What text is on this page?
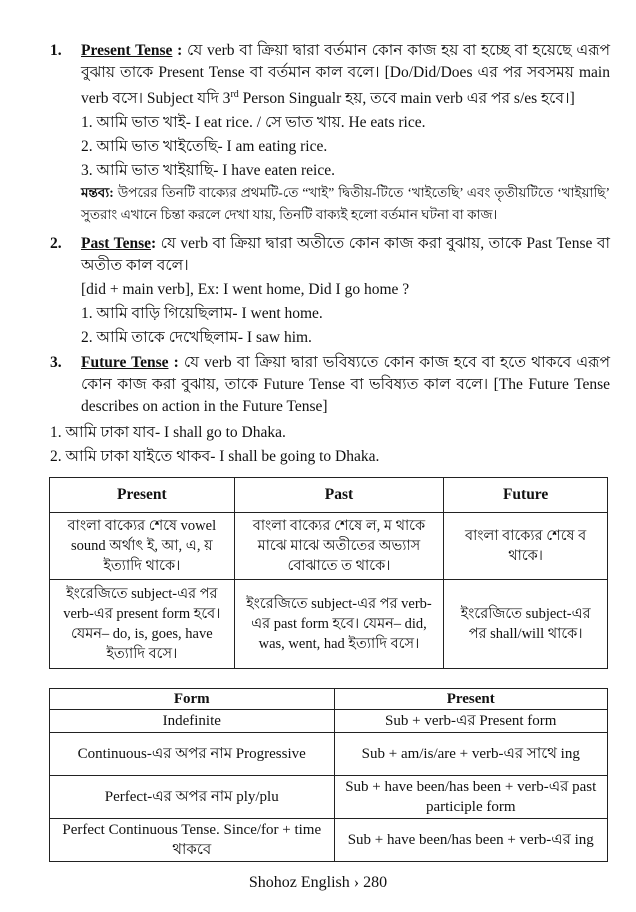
1. Present Tense : যে verb বা ক্রিয়া দ্বারা বর্তমান কোন কাজ হয় বা হচ্ছে বা হয়েছে এরূপ বুঝায় তাকে Present Tense বা বর্তমান কাল বলে। [Do/Did/Does এর পর সবসময় main verb বসে। Subject যদি 3rd Person Singualr হয়, তবে main verb এর পর s/es হবে।]
1. আমি ভাত খাই- I eat rice. / সে ভাত খায়. He eats rice.
2. আমি ভাত খাইতেছি- I am eating rice.
3. আমি ভাত খাইয়াছি- I have eaten reice.
মন্তব্য: উপরের তিনটি বাক্যের প্রথমটি-তে “খাই” দ্বিতীয়-টিতে ‘খাইতেছি’ এবং তৃতীয়টিতে ‘খাইয়াছি’ সুতরাং এখানে চিন্তা করলে দেখা যায়, তিনটি বাক্যই হলো বর্তমান ঘটনা বা কাজ।
2. Past Tense: যে verb বা ক্রিয়া দ্বারা অতীতে কোন কাজ করা বুঝায়, তাকে Past Tense বা অতীত কাল বলে।
[did + main verb], Ex: I went home, Did I go home ?
1. আমি বাড়ি গিয়েছিলাম- I went home.
2. আমি তাকে দেখেছিলাম- I saw him.
3. Future Tense : যে verb বা ক্রিয়া দ্বারা ভবিষ্যতে কোন কাজ হবে বা হতে থাকবে এরূপ কোন কাজ করা বুঝায়, তাকে Future Tense বা ভবিষ্যত কাল বলে। [The Future Tense describes on action in the Future Tense]
1. আমি ঢাকা যাব- I shall go to Dhaka.
2. আমি ঢাকা যাইতে থাকব- I shall be going to Dhaka.
Present	Past	Future
বাংলা বাক্যের শেষে vowel sound অর্থাৎ ই, আ, এ, য় ইত্যাদি থাকে।	বাংলা বাক্যের শেষে ল, ম থাকে মাঝে মাঝে অতীতের অভ্যাস বোঝাতে ত থাকে।	বাংলা বাক্যের শেষে ব থাকে।
ইংরেজিতে subject-এর পর verb-এর present form হবে। যেমন– do, is, goes, have ইত্যাদি বসে।	ইংরেজিতে subject-এর পর verb-এর past form হবে। যেমন– did, was, went, had ইত্যাদি বসে।	ইংরেজিতে subject-এর পর shall/will থাকে।
Form	Present
Indefinite	Sub + verb-এর Present form
Continuous-এর অপর নাম Progressive	Sub + am/is/are + verb-এর সাথে ing
Perfect-এর অপর নাম ply/plu	Sub + have been/has been + verb-এর past participle form
Perfect Continuous Tense. Since/for + time থাকবে	Sub + have been/has been + verb-এর ing
Shohoz English › 280
